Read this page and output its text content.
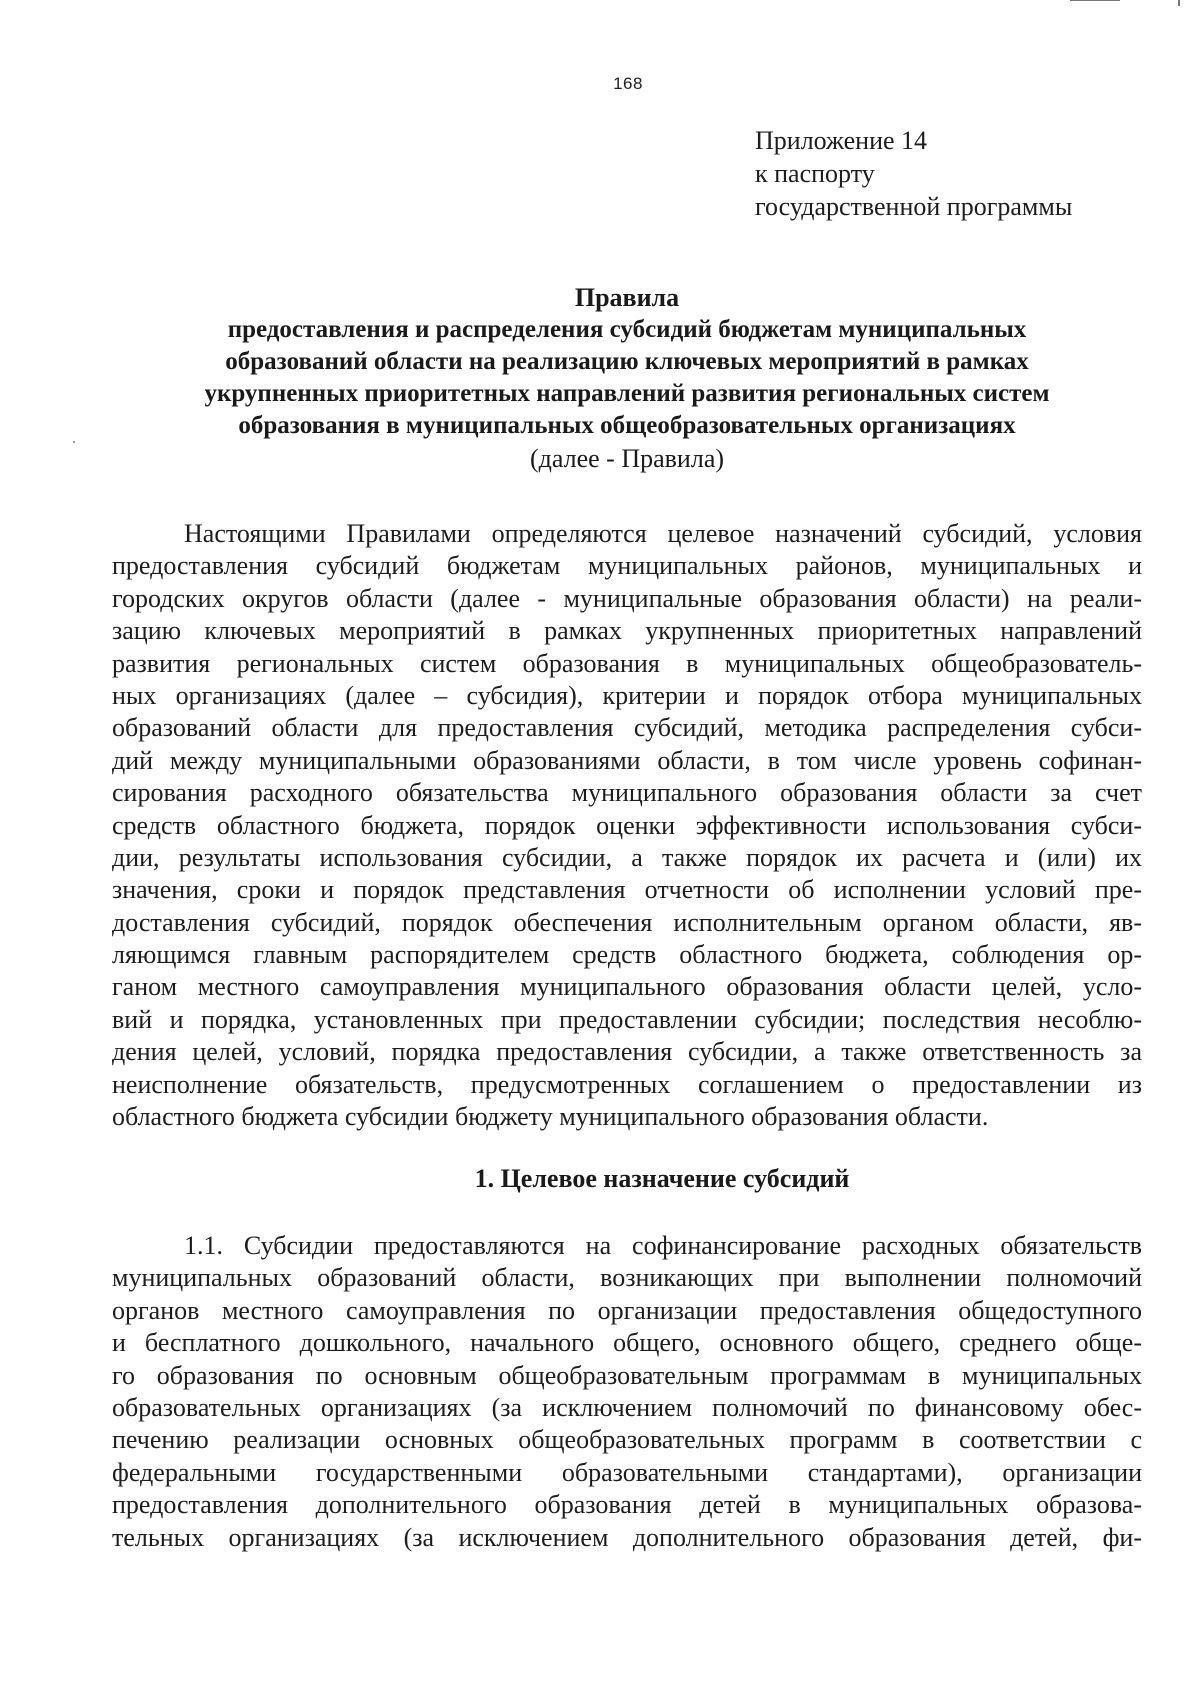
168
Приложение 14
к паспорту
государственной программы
Правила
предоставления и распределения субсидий бюджетам муниципальных
образований области на реализацию ключевых мероприятий в рамках
укрупненных приоритетных направлений развития региональных систем
образования в муниципальных общеобразовательных организациях
(далее - Правила)
Настоящими Правилами определяются целевое назначений субсидий, условия
предоставления субсидий бюджетам муниципальных районов, муниципальных и
городских округов области (далее - муниципальные образования области) на реали-
зацию ключевых мероприятий в рамках укрупненных приоритетных направлений
развития региональных систем образования в муниципальных общеобразователь-
ных организациях (далее – субсидия), критерии и порядок отбора муниципальных
образований области для предоставления субсидий, методика распределения субси-
дий между муниципальными образованиями области, в том числе уровень софинан-
сирования расходного обязательства муниципального образования области за счет
средств областного бюджета, порядок оценки эффективности использования субси-
дии, результаты использования субсидии, а также порядок их расчета и (или) их
значения, сроки и порядок представления отчетности об исполнении условий пре-
доставления субсидий, порядок обеспечения исполнительным органом области, яв-
ляющимся главным распорядителем средств областного бюджета, соблюдения ор-
ганом местного самоуправления муниципального образования области целей, усло-
вий и порядка, установленных при предоставлении субсидии; последствия несоблю-
дения целей, условий, порядка предоставления субсидии, а также ответственность за
неисполнение обязательств, предусмотренных соглашением о предоставлении из
областного бюджета субсидии бюджету муниципального образования области.
1. Целевое назначение субсидий
1.1. Субсидии предоставляются на софинансирование расходных обязательств
муниципальных образований области, возникающих при выполнении полномочий
органов местного самоуправления по организации предоставления общедоступного
и бесплатного дошкольного, начального общего, основного общего, среднего обще-
го образования по основным общеобразовательным программам в муниципальных
образовательных организациях (за исключением полномочий по финансовому обес-
печению реализации основных общеобразовательных программ в соответствии с
федеральными государственными образовательными стандартами), организации
предоставления дополнительного образования детей в муниципальных образова-
тельных организациях (за исключением дополнительного образования детей, фи-
